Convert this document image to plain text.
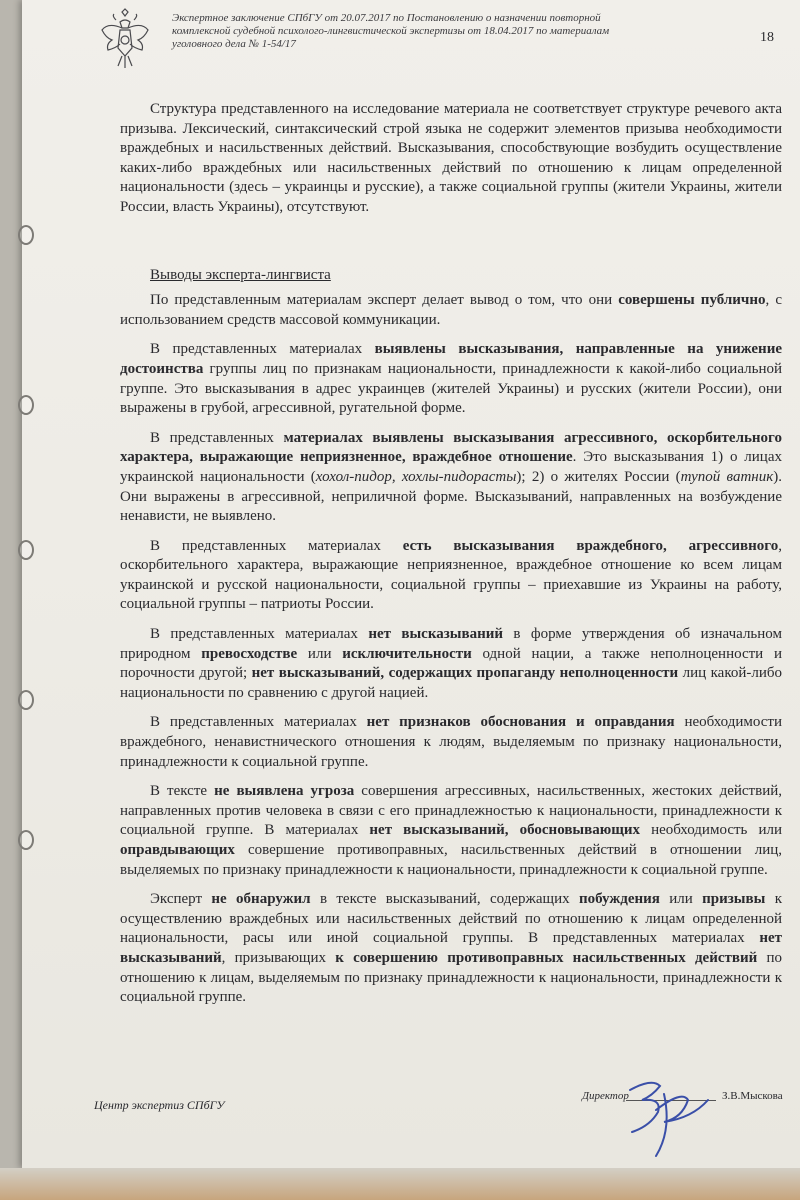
Экспертное заключение СПбГУ от 20.07.2017 по Постановлению о назначении повторной
комплексной судебной психолого-лингвистической экспертизы от 18.04.2017 по материалам
уголовного дела № 1-54/17	18

Структура представленного на исследование материала не соответствует структуре речевого акта призыва. Лексический, синтаксический строй языка не содержит элементов призыва необходимости враждебных и насильственных действий. Высказывания, способствующие возбудить осуществление каких-либо враждебных или насильственных действий по отношению к лицам определенной национальности (здесь – украинцы и русские), а также социальной группы (жители Украины, жители России, власть Украины), отсутствуют.

Выводы эксперта-лингвиста

По представленным материалам эксперт делает вывод о том, что они совершены публично, с использованием средств массовой коммуникации.

В представленных материалах выявлены высказывания, направленные на унижение достоинства группы лиц по признакам национальности, принадлежности к какой-либо социальной группе. Это высказывания в адрес украинцев (жителей Украины) и русских (жители России), они выражены в грубой, агрессивной, ругательной форме.

В представленных материалах выявлены высказывания агрессивного, оскорбительного характера, выражающие неприязненное, враждебное отношение. Это высказывания 1) о лицах украинской национальности (хохол-пидор, хохлы-пидорасты); 2) о жителях России (тупой ватник). Они выражены в агрессивной, неприличной форме. Высказываний, направленных на возбуждение ненависти, не выявлено.

В представленных материалах есть высказывания враждебного, агрессивного, оскорбительного характера, выражающие неприязненное, враждебное отношение ко всем лицам украинской и русской национальности, социальной группы – приехавшие из Украины на работу, социальной группы – патриоты России.

В представленных материалах нет высказываний в форме утверждения об изначальном природном превосходстве или исключительности одной нации, а также неполноценности и порочности другой; нет высказываний, содержащих пропаганду неполноценности лиц какой-либо национальности по сравнению с другой нацией.

В представленных материалах нет признаков обоснования и оправдания необходимости враждебного, ненавистнического отношения к людям, выделяемым по признаку национальности, принадлежности к социальной группе.

В тексте не выявлена угроза совершения агрессивных, насильственных, жестоких действий, направленных против человека в связи с его принадлежностью к национальности, принадлежности к социальной группе. В материалах нет высказываний, обосновывающих необходимость или оправдывающих совершение противоправных, насильственных действий в отношении лиц, выделяемых по признаку принадлежности к национальности, принадлежности к социальной группе.

Эксперт не обнаружил в тексте высказываний, содержащих побуждения или призывы к осуществлению враждебных или насильственных действий по отношению к лицам определенной национальности, расы или иной социальной группы. В представленных материалах нет высказываний, призывающих к совершению противоправных насильственных действий по отношению к лицам, выделяемым по признаку принадлежности к национальности, принадлежности к социальной группе.

Центр экспертиз СПбГУ
Директор	З.В.Мыскова
